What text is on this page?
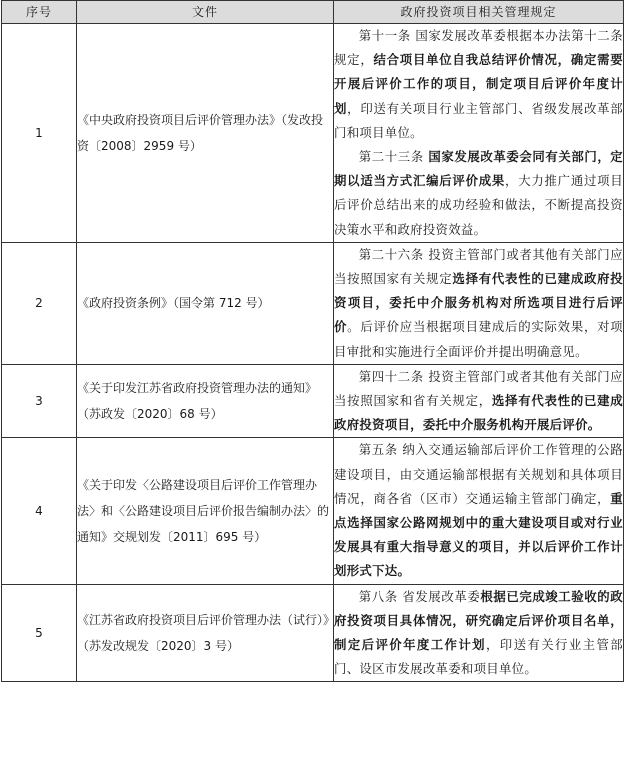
序号	文件	政府投资项目相关管理规定
1	《中央政府投资项目后评价管理办法》（发改投资〔2008〕2959 号）	第十一条 国家发展改革委根据本办法第十二条规定，结合项目单位自我总结评价情况，确定需要开展后评价工作的项目，制定项目后评价年度计划，印送有关项目行业主管部门、省级发展改革部门和项目单位。

第二十三条 国家发展改革委会同有关部门，定期以适当方式汇编后评价成果，大力推广通过项目后评价总结出来的成功经验和做法，不断提高投资决策水平和政府投资效益。

2	《政府投资条例》（国令第 712 号）	第二十六条 投资主管部门或者其他有关部门应当按照国家有关规定选择有代表性的已建成政府投资项目，委托中介服务机构对所选项目进行后评价。后评价应当根据项目建成后的实际效果，对项目审批和实施进行全面评价并提出明确意见。

3	《关于印发江苏省政府投资管理办法的通知》（苏政发〔2020〕68 号）	第四十二条 投资主管部门或者其他有关部门应当按照国家和省有关规定，选择有代表性的已建成政府投资项目，委托中介服务机构开展后评价。

4	《关于印发〈公路建设项目后评价工作管理办法〉和〈公路建设项目后评价报告编制办法〉的通知》交规划发〔2011〕695 号）	第五条 纳入交通运输部后评价工作管理的公路建设项目，由交通运输部根据有关规划和具体项目情况，商各省（区市）交通运输主管部门确定，重点选择国家公路网规划中的重大建设项目或对行业发展具有重大指导意义的项目，并以后评价工作计划形式下达。

5	《江苏省政府投资项目后评价管理办法（试行）》（苏发改规发〔2020〕3 号）	第八条 省发展改革委根据已完成竣工验收的政府投资项目具体情况，研究确定后评价项目名单，制定后评价年度工作计划，印送有关行业主管部门、设区市发展改革委和项目单位。
